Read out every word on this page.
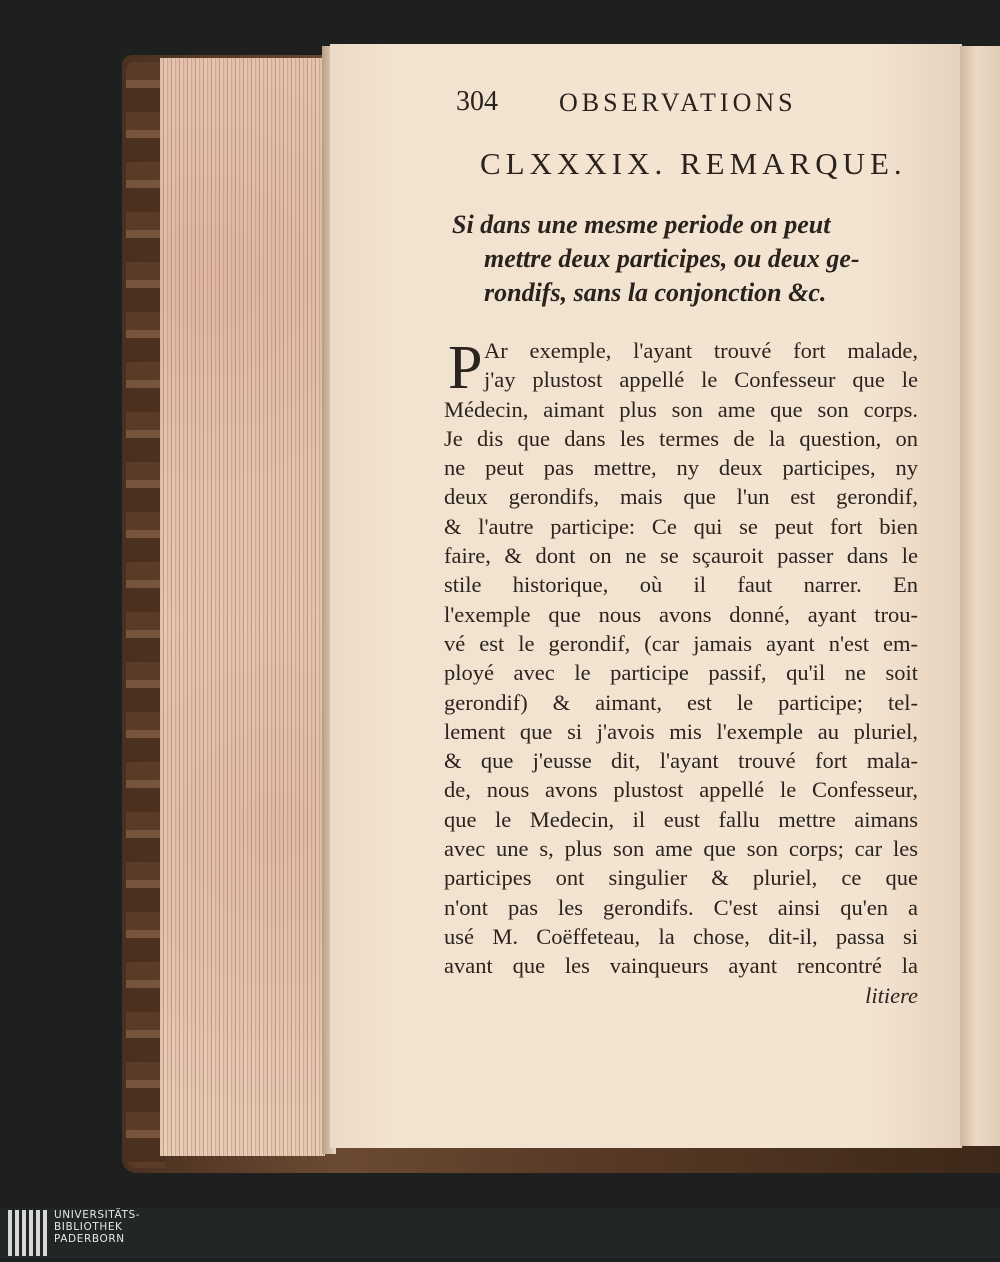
304 OBSERVATIONS
CLXXXIX. REMARQUE.
Si dans une mesme periode on peut
mettre deux participes, ou deux ge-
rondifs, sans la conjonction &c.
P Ar exemple, l'ayant trouvé fort malade,
j'ay plustost appellé le Confesseur que le
Médecin, aimant plus son ame que son corps.
Je dis que dans les termes de la question, on
ne peut pas mettre, ny deux participes, ny
deux gerondifs, mais que l'un est gerondif,
& l'autre participe: Ce qui se peut fort bien
faire, & dont on ne se sçauroit passer dans le
stile historique, où il faut narrer. En
l'exemple que nous avons donné, ayant trou-
vé est le gerondif, (car jamais ayant n'est em-
ployé avec le participe passif, qu'il ne soit
gerondif) & aimant, est le participe; tel-
lement que si j'avois mis l'exemple au pluriel,
& que j'eusse dit, l'ayant trouvé fort mala-
de, nous avons plustost appellé le Confesseur,
que le Medecin, il eust fallu mettre aimans
avec une s, plus son ame que son corps; car les
participes ont singulier & pluriel, ce que
n'ont pas les gerondifs. C'est ainsi qu'en a
usé M. Coëffeteau, la chose, dit-il, passa si
avant que les vainqueurs ayant rencontré la
litiere
UNIVERSITÄTS-
BIBLIOTHEK
PADERBORN
